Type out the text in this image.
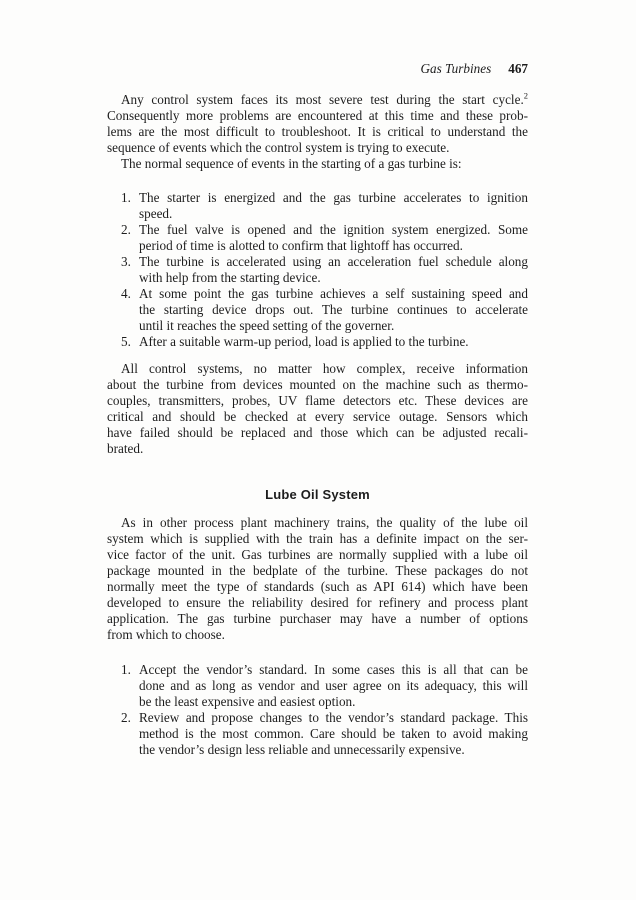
Gas Turbines 467
Any control system faces its most severe test during the start cycle.$^2$
Consequently more problems are encountered at this time and these prob-
lems are the most difficult to troubleshoot. It is critical to understand the
sequence of events which the control system is trying to execute.
The normal sequence of events in the starting of a gas turbine is:
1. The starter is energized and the gas turbine accelerates to ignition
speed.
2. The fuel valve is opened and the ignition system energized. Some
period of time is alotted to confirm that lightoff has occurred.
3. The turbine is accelerated using an acceleration fuel schedule along
with help from the starting device.
4. At some point the gas turbine achieves a self sustaining speed and
the starting device drops out. The turbine continues to accelerate
until it reaches the speed setting of the governer.
5. After a suitable warm-up period, load is applied to the turbine.
All control systems, no matter how complex, receive information
about the turbine from devices mounted on the machine such as thermo-
couples, transmitters, probes, UV flame detectors etc. These devices are
critical and should be checked at every service outage. Sensors which
have failed should be replaced and those which can be adjusted recali-
brated.
Lube Oil System
As in other process plant machinery trains, the quality of the lube oil
system which is supplied with the train has a definite impact on the ser-
vice factor of the unit. Gas turbines are normally supplied with a lube oil
package mounted in the bedplate of the turbine. These packages do not
normally meet the type of standards (such as API 614) which have been
developed to ensure the reliability desired for refinery and process plant
application. The gas turbine purchaser may have a number of options
from which to choose.
1. Accept the vendor’s standard. In some cases this is all that can be
done and as long as vendor and user agree on its adequacy, this will
be the least expensive and easiest option.
2. Review and propose changes to the vendor’s standard package. This
method is the most common. Care should be taken to avoid making
the vendor’s design less reliable and unnecessarily expensive.
